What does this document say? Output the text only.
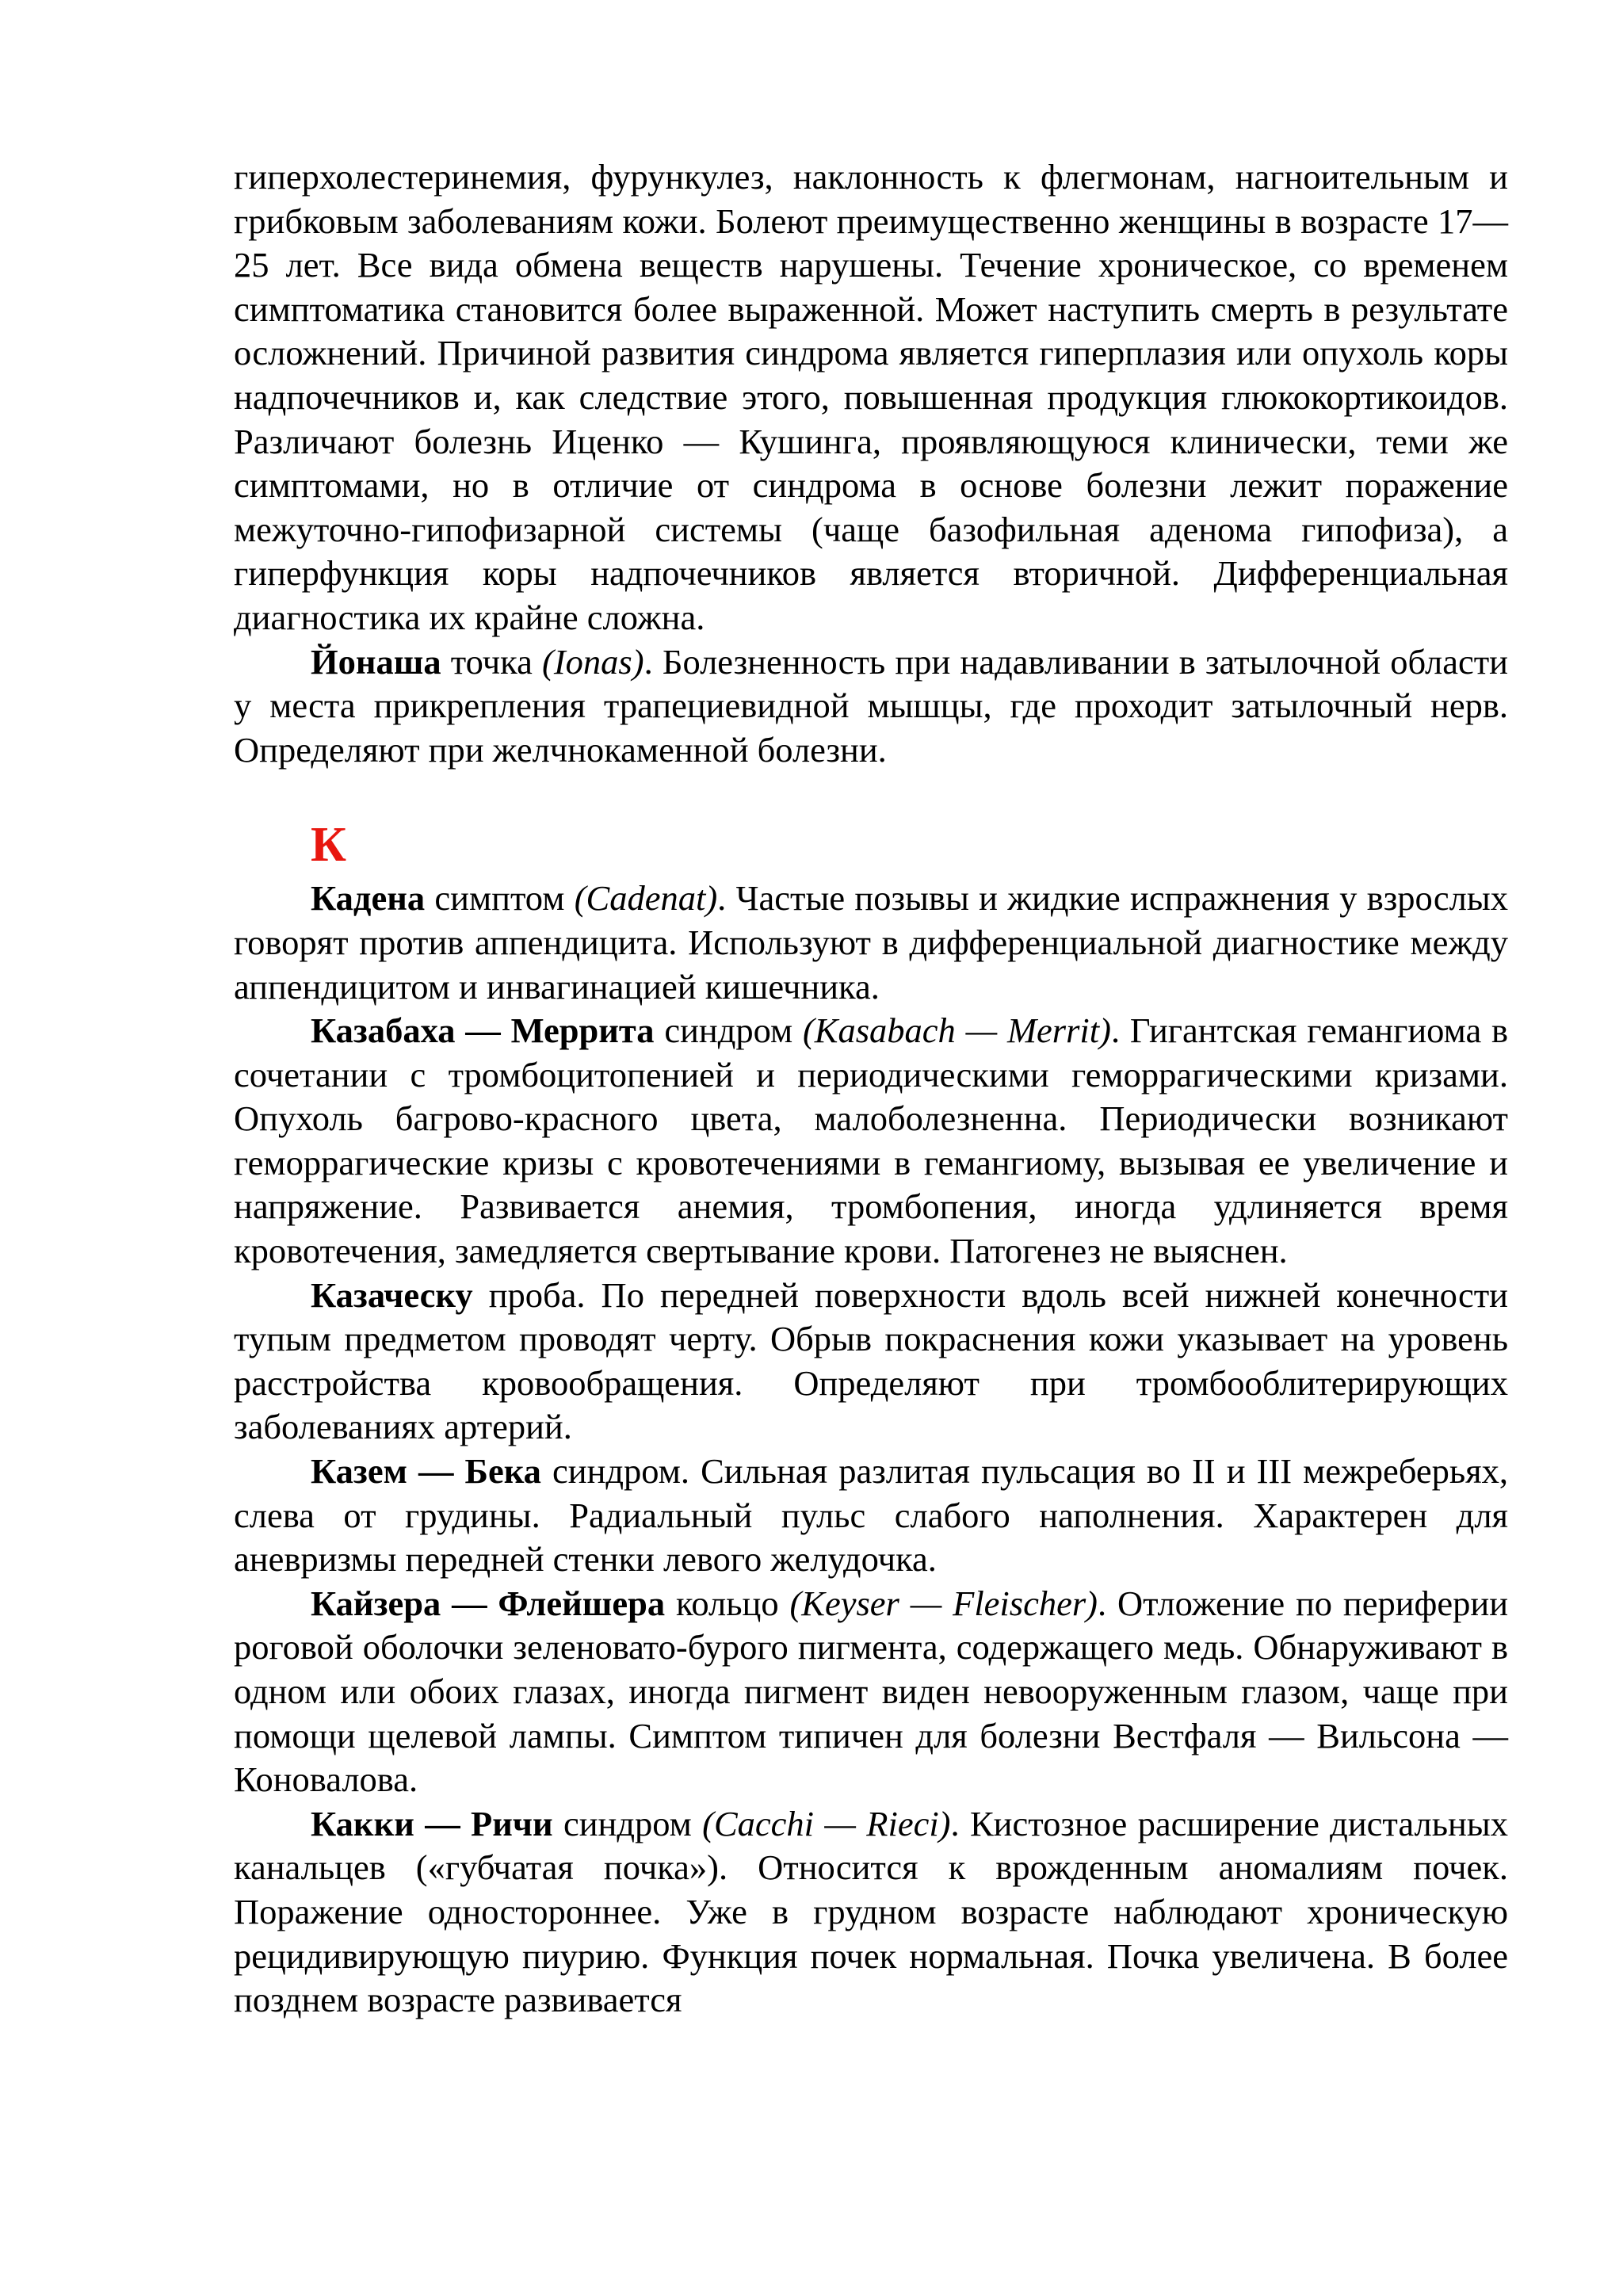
гиперхолестеринемия, фурункулез, наклонность к флегмонам, нагноительным и грибковым заболеваниям кожи. Болеют преимущественно женщины в возрасте 17—25 лет. Все вида обмена веществ нарушены. Течение хроническое, со временем симптоматика становится более выраженной. Может наступить смерть в результате осложнений. Причиной развития синдрома является гиперплазия или опухоль коры надпочечников и, как следствие этого, повышенная продукция глюкокортикоидов. Различают болезнь Иценко — Кушинга, проявляющуюся клинически, теми же симптомами, но в отличие от синдрома в основе болезни лежит поражение межуточно-гипофизарной системы (чаще базофильная аденома гипофиза), а гиперфункция коры надпочечников является вторичной. Дифференциальная диагностика их крайне сложна.

Йонаша точка (Ionas). Болезненность при надавливании в затылочной области у места прикрепления трапециевидной мышцы, где проходит затылочный нерв. Определяют при желчнокаменной болезни.

К

Кадена симптом (Cadenat). Частые позывы и жидкие испражнения у взрослых говорят против аппендицита. Используют в дифференциальной диагностике между аппендицитом и инвагинацией кишечника.

Казабаха — Меррита синдром (Kasabach — Merrit). Гигантская гемангиома в сочетании с тромбоцитопенией и периодическими геморрагическими кризами. Опухоль багрово-красного цвета, малоболезненна. Периодически возникают геморрагические кризы с кровотечениями в гемангиому, вызывая ее увеличение и напряжение. Развивается анемия, тромбопения, иногда удлиняется время кровотечения, замедляется свертывание крови. Патогенез не выяснен.

Казаческу проба. По передней поверхности вдоль всей нижней конечности тупым предметом проводят черту. Обрыв покраснения кожи указывает на уровень расстройства кровообращения. Определяют при тромбооблитерирующих заболеваниях артерий.

Казем — Бека синдром. Сильная разлитая пульсация во II и III межреберьях, слева от грудины. Радиальный пульс слабого наполнения. Характерен для аневризмы передней стенки левого желудочка.

Кайзера — Флейшера кольцо (Keyser — Fleischer). Отложение по периферии роговой оболочки зеленовато-бурого пигмента, содержащего медь. Обнаруживают в одном или обоих глазах, иногда пигмент виден невооруженным глазом, чаще при помощи щелевой лампы. Симптом типичен для болезни Вестфаля — Вильсона — Коновалова.

Какки — Ричи синдром (Cacchi — Rieci). Кистозное расширение дистальных канальцев («губчатая почка»). Относится к врожденным аномалиям почек. Поражение одностороннее. Уже в грудном возрасте наблюдают хроническую рецидивирующую пиурию. Функция почек нормальная. Почка увеличена. В более позднем возрасте развивается
